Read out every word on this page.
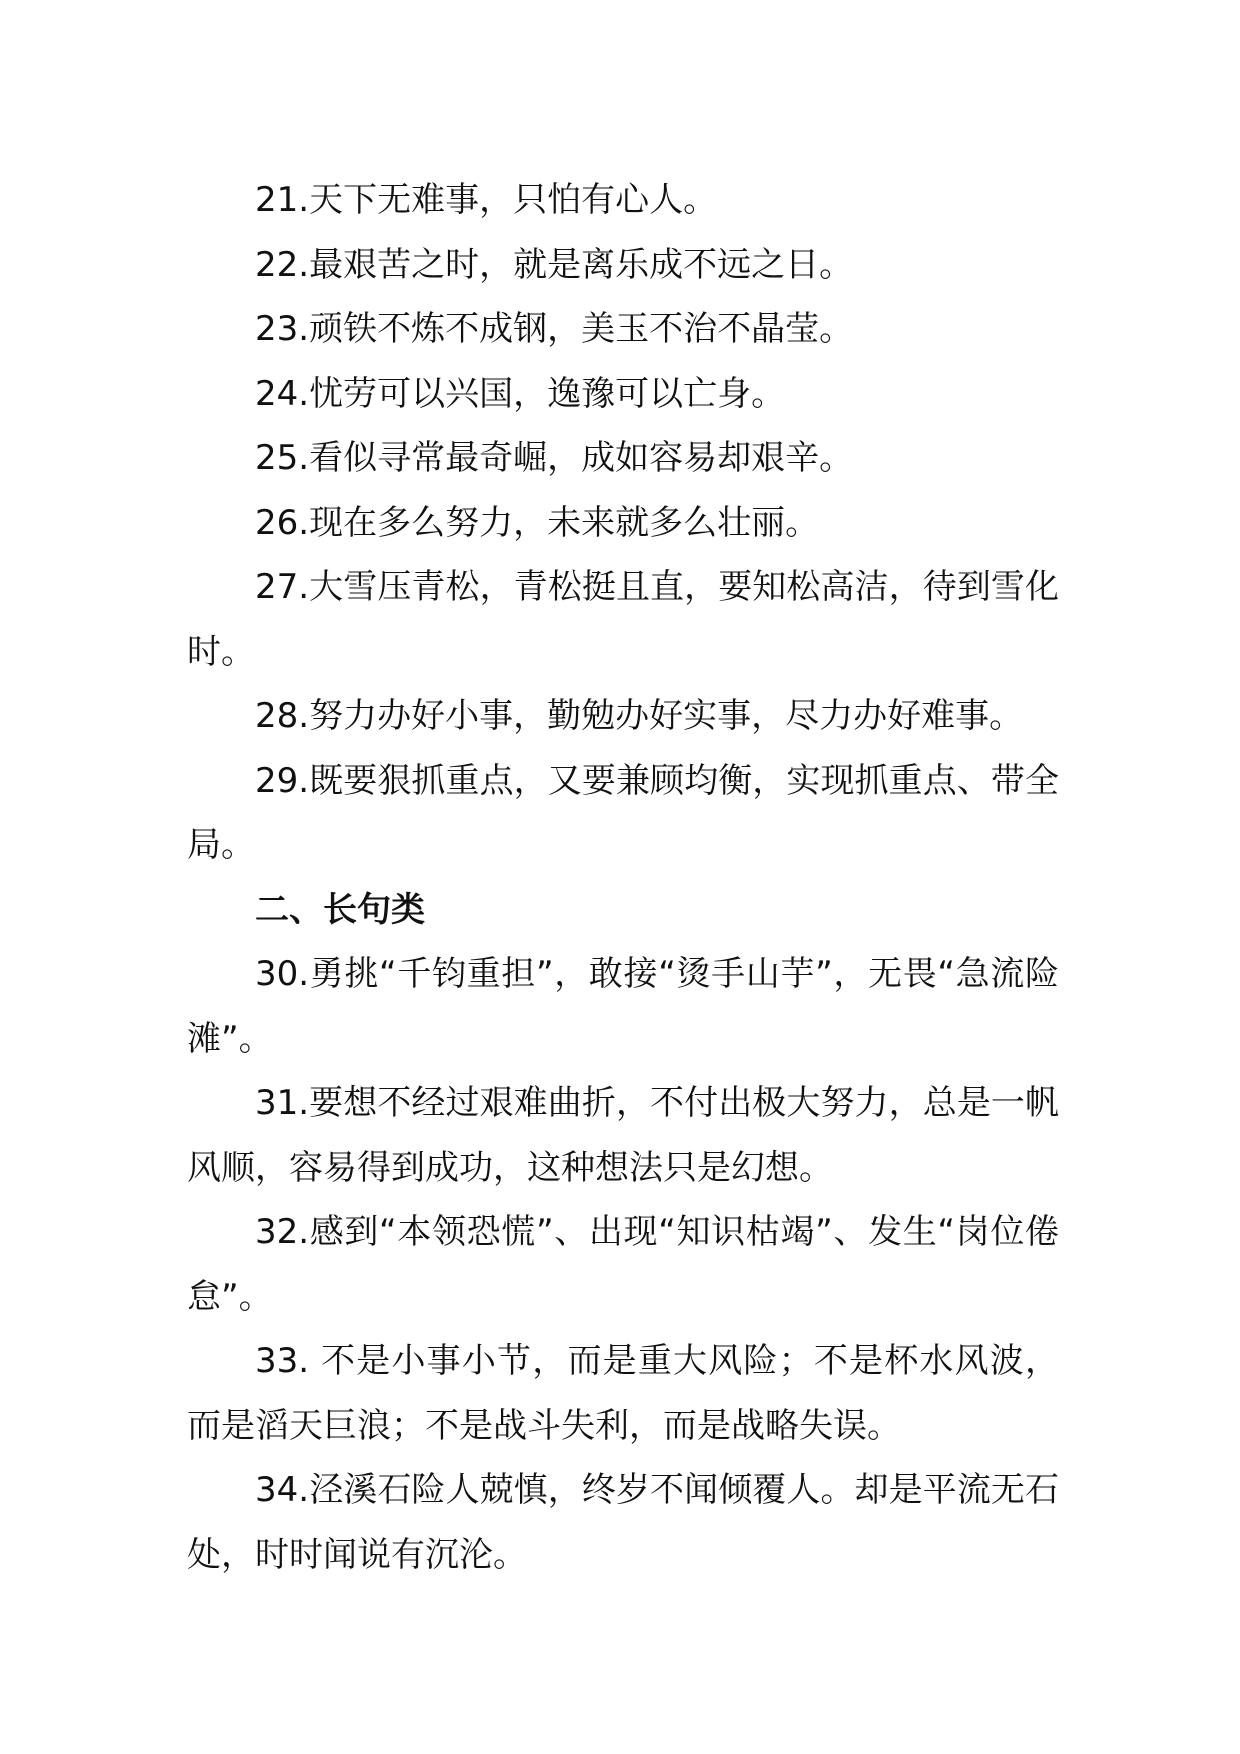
21.天下无难事，只怕有心人。

22.最艰苦之时，就是离乐成不远之日。

23.顽铁不炼不成钢，美玉不治不晶莹。

24.忧劳可以兴国，逸豫可以亡身。

25.看似寻常最奇崛，成如容易却艰辛。

26.现在多么努力，未来就多么壮丽。

27.大雪压青松，青松挺且直，要知松高洁，待到雪化时。

28.努力办好小事，勤勉办好实事，尽力办好难事。

29.既要狠抓重点，又要兼顾均衡，实现抓重点、带全局。

二、长句类

30.勇挑“千钧重担”，敢接“烫手山芋”，无畏“急流险滩”。

31.要想不经过艰难曲折，不付出极大努力，总是一帆风顺，容易得到成功，这种想法只是幻想。

32.感到“本领恐慌”、出现“知识枯竭”、发生“岗位倦怠”。

33. 不是小事小节，而是重大风险；不是杯水风波，而是滔天巨浪；不是战斗失利，而是战略失误。

34.泾溪石险人兢慎，终岁不闻倾覆人。却是平流无石处，时时闻说有沉沦。
